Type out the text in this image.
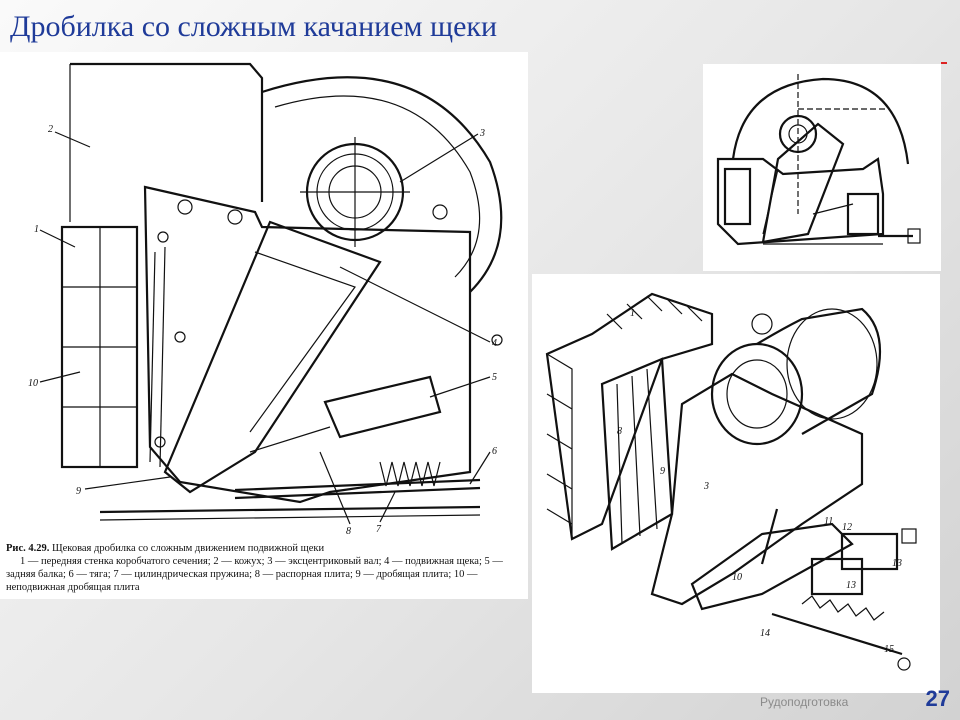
Дробилка со сложным качанием щеки
1
2	3
4
5
6
7
8
9
10
Рис. 4.29. Щековая дробилка со сложным движением подвижной щеки
1 — передняя стенка коробчатого сечения; 2 — кожух; 3 — эксцентриковый вал; 4 — подвижная щека; 5 — задняя балка; 6 — тяга; 7 — цилиндрическая пружина; 8 — распорная плита; 9 — дробящая плита; 10 — неподвижная дробящая плита
1
8
9
3
10
11
12
13
13
14
15
Рудоподготовка	27
